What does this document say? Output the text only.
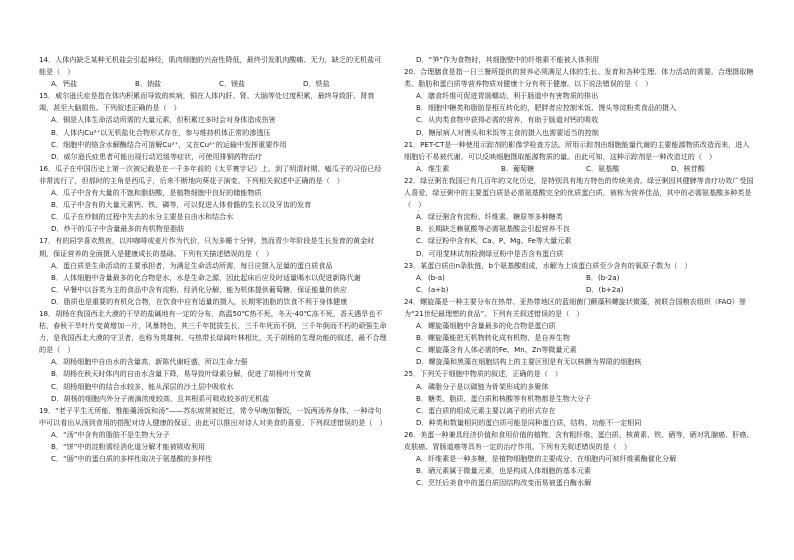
14．人体内缺乏某种无机盐会引起神经，肌肉细胞的兴奋性降低，最终引发肌肉酸痛、无力，缺乏的无机盐可能是（　）

A．钙盐	B．钠盐	C．镁盐	D．铁盐

15．威尔逊氏症是指在体内积累而导致的疾病，铜在人体内肝、肾、大脑等处过度积累，最终导致肝、肾衰竭，甚至大脑损伤。下列叙述正确的是（　）

A．铜是人体生命活动所需的大量元素，但积累过多时会对身体造成伤害

B．人体内Cu²⁺以无机盐化合物形式存在，参与维持机体正常的渗透压

C．细胞中的铬含水解酶结合可溶解Cu²⁺，又在Cu²⁺的运输中发挥重要作用

D．威尔逊氏症患者可能出现行动迟缓等症状，可使用排铜药物治疗

16．瓜子在中国历史上第一次被记载是在一千多年前的《太平寰宇记》上，到了明清时期，嗑瓜子的习俗已经非常流行了，但那时的主角是西瓜子，后来不断地向葵花子演变。下列相关叙述中正确的是（　）

A．瓜子中含有大量的不饱和脂肪酸，是植物细胞中良好的储能物质

B．瓜子中含有的大量元素钙、铁、磷等，可以促进人体骨骼的生长以及牙齿的发育

C．瓜子在炒制的过程中失去的水分主要是自由水和结合水

D．炒干的瓜子中含量最多的有机物是脂肪

17．有的同学喜欢熬夜，以冲咖啡或麦片作为代价，只为多睡十分钟，然而青少年阶段是生长发育的黄金时期，保证营养的全面摄入是健康成长的基础。下列有关描述错误的是（　）

A．蛋白质是生命活动的主要承担者，为满足生命活动所需，每日应摄入足量的蛋白质食品

B．人体细胞中含量最多的化合物是水，水是生命之源，因此起床后应及时适量喝水以促进新陈代谢

C．早餐中以谷类为主的食品中含有淀粉，经消化分解，能为机体提供葡萄糖，保证能量的供应

D．脂质也是重要的有机化合物，在饮食中应有适量的摄入，长期零油脂的饮食不利于身体健康

18．胡杨在我国西北大漠的干旱的盐碱地有一定的分布，高温50℃热不死，冬天-40℃冻不死，香天遇旱也不枯，春秋干旱叶片变黄增加一片，风暴特色，其三千年挺拔生长，三千年死而不倒，三千年倒而不朽的顽强生命力，是我国西北大漠的守卫者，也称为英雄树。与热带长绿阔叶林相比，关于胡杨的生理功能的叙述，最不合理的是（　）

A．胡杨细胞中自由水的含量高，新陈代谢旺盛，所以生命力强

B．胡杨在秋天时体内的自由水含量下降，易导致叶绿素分解，促进了胡杨叶片变黄

C．胡杨细胞中的结合水较多，能从深层的沙土层中吸收水

D．胡杨的细胞内外分子液滴浓度较高，且其根系可吸收较多的无机盐

19．“老子平生无所能，惟能羹汤饭和汤”——苏东坡常被贬过，常令早晚加餐饭，一饭两汤养身体，一种诗句中可以看出从汤到食用的搭配对诗人健康的保证，由此可以推出对诗人对美食的喜爱。下列叙述错误的是（　）

A．“汤”中含有的脂肪不是生物大分子

B．“饼”中的淀粉需经消化道分解才能被吸收利用

C．“肠”中的蛋白质的多样性取决于氨基酸的多样性

D．“笋”作为食物时，其细胞壁中的纤维素不能被人体利用

20．合理膳食是指一日三餐所提供的营养必须满足人体的生长、发育和各种生理、体力活动的需要。合理摄取糖类、脂肪和蛋白质等营养物质对健康十分有利于健康。以下说法错误的是（　）

A．膳食纤维可促进胃肠蠕动，利于肠道中有害物质的排出

B．细胞中糖类和脂肪是相互转化的，肥胖者应控制米饭、馒头等淀粉类食品的摄入

C．从肉类食物中获得必需的营养，有助于肠道对钙的吸收

D．糖尿病人对馒头和米饭等主食的摄入也需要适当的控制

21．PET-CT是一种使用示踪剂的影像学检查方法。所用示踪剂由细胞能量代谢的主要能源物质改造而来，进入细胞后不易被代谢，可以反映细胞摄取能源物质的量。由此可知，这种示踪剂是一种改造过的（　）

A．维生素	B．葡萄糖	C．氨基酸	D．核苷酸

22．绿豆粥在我国已有几百年的文化历史，是特别具有地方特色的传统美食。绿豆粥因其健脾等食疗功效广受国人喜爱，绿豆粥中的主要蛋白质是必需氨基酸完全的优质蛋白质，被称为营养佳品，其中的必需氨基酸多种类是（　）

A．绿豆粥含有淀粉、纤维素、糖原等多种糖类

B．长期缺乏赖氨酸等必需氨基酸会引起营养不良

C．绿豆粉中含有K、Ca、P、Mg、Fe等大量元素

D．可用斐林试剂检测绿豆粉中是否含有蛋白质

23．某蛋白质由n条肽链，b个氨基酸组成，水解为上该蛋白质至少含有的氧原子数为（　）

A．(b-a)	B．(b-2a)
C．(a+b)	D．(b+2a)

24．螺旋藻是一种主要分布在热带、亚热带地区的蓝细菌门颤藻科螺旋状微藻，被联合国粮农组织（FAO）誉为“21世纪最理想的食品”。下列有关叙述错误的是（　）

A．螺旋藻细胞中含量最多的化合物是蛋白质

B．螺旋藻能把无机物转化成有机物，是自养生物

C．螺旋藻含有人体必需的Fe、Mn、Zn等微量元素

D．螺旋藻和黑藻在细胞结构上的主要区别是有无以核膜为界限的细胞核

25．下列关于细胞中物质的叙述，正确的是（　）

A．磷脂分子是以碳链为骨架形成的多聚体

B．糖类、脂质、蛋白质和核酸等有机物都是生物大分子

C．蛋白质的组成元素主要以离子的形式存在

D．种类和数量相同的蛋白质可能是同种蛋白质，结构、功能不一定相同

26．美蛋一种兼具经济价值和食用价值的植物，含有粗纤维、蛋白质、核黄素、铁、硒等，硒对乳腺癌、肝癌、皮肤癌、胃肠道癌等具有一定的治疗作用。下列有关叙述错误的是（　）

A．纤维素是一种多糖，是植物细胞壁的主要成分，在细胞内可被纤维素酶催化分解

B．硒元素属于微量元素，也是构成人体细胞的基本元素

C．烹饪后美食中的蛋白质因结构改变而易被蛋白酶水解
